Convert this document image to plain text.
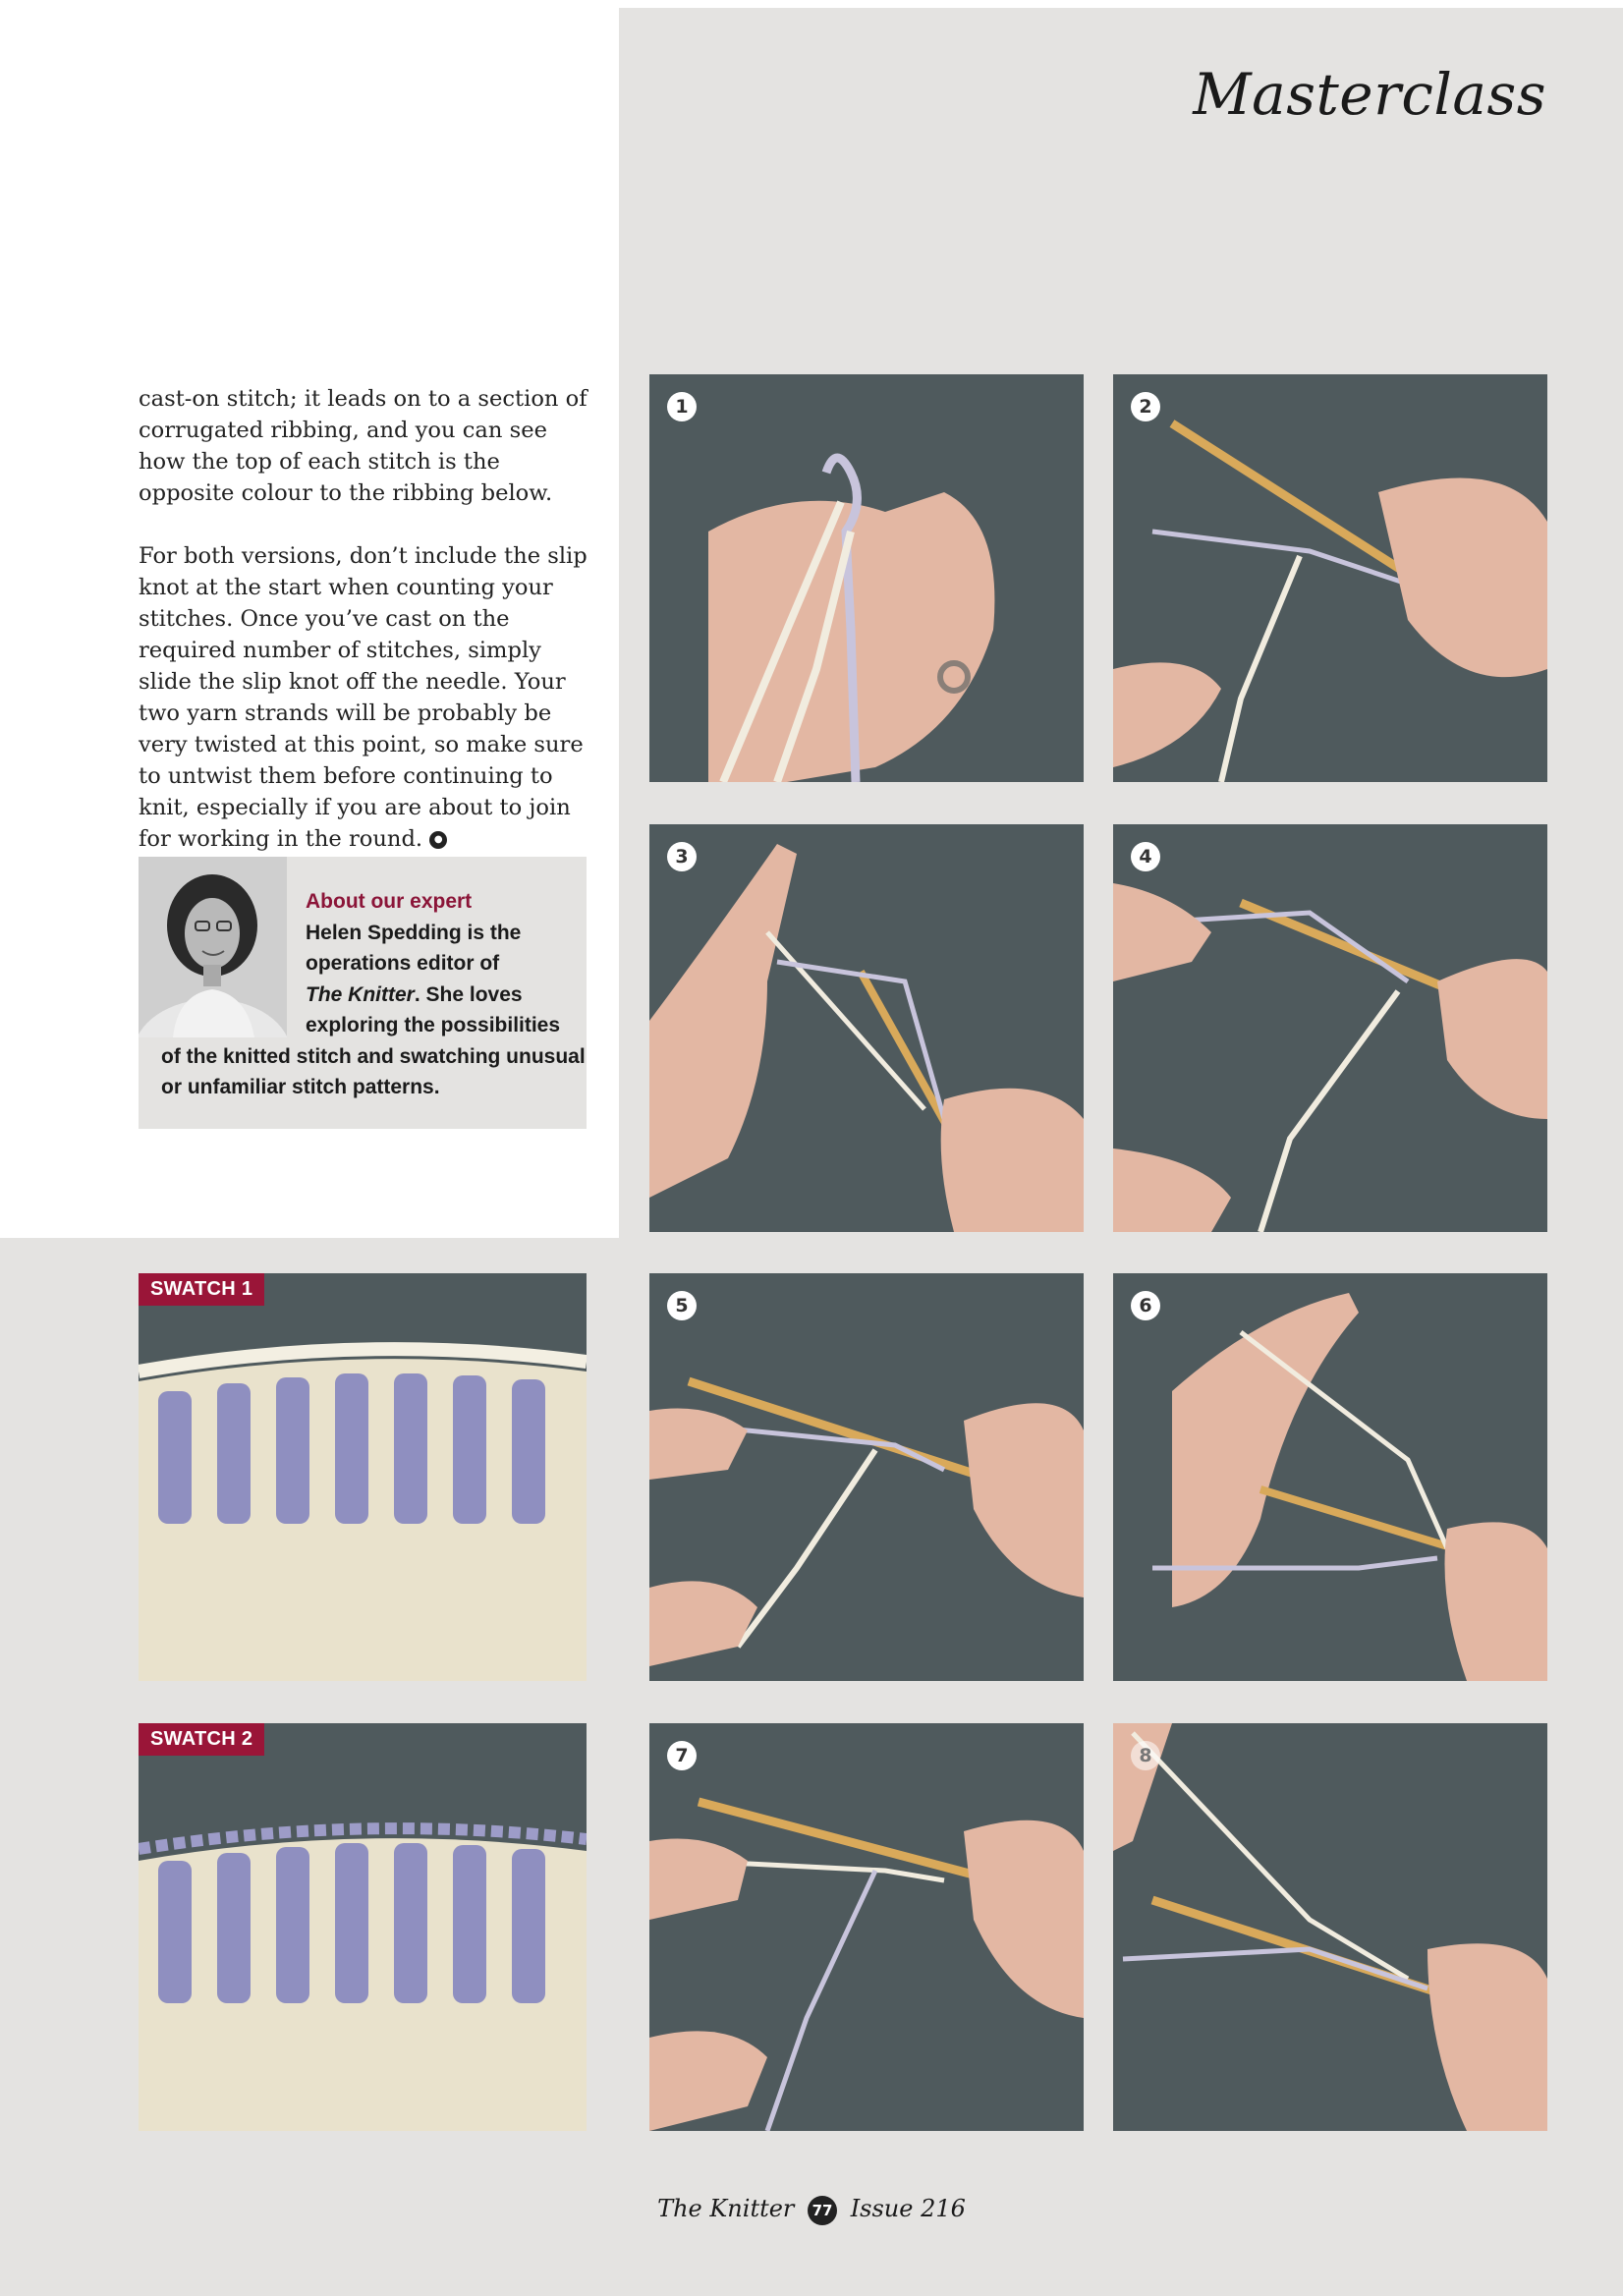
Masterclass

cast-on stitch; it leads on to a section of corrugated ribbing, and you can see how the top of each stitch is the opposite colour to the ribbing below.

For both versions, don’t include the slip knot at the start when counting your stitches. Once you’ve cast on the required number of stitches, simply slide the slip knot off the needle. Your two yarn strands will be probably be very twisted at this point, so make sure to untwist them before continuing to knit, especially if you are about to join for working in the round. ●

About our expert
Helen Spedding is the
operations editor of
The Knitter. She loves
exploring the possibilities
of the knitted stitch and swatching unusual
or unfamiliar stitch patterns.
1	2
3	4
5	6
7	8
SWATCH 1
SWATCH 2
The Knitter 77 Issue 216
